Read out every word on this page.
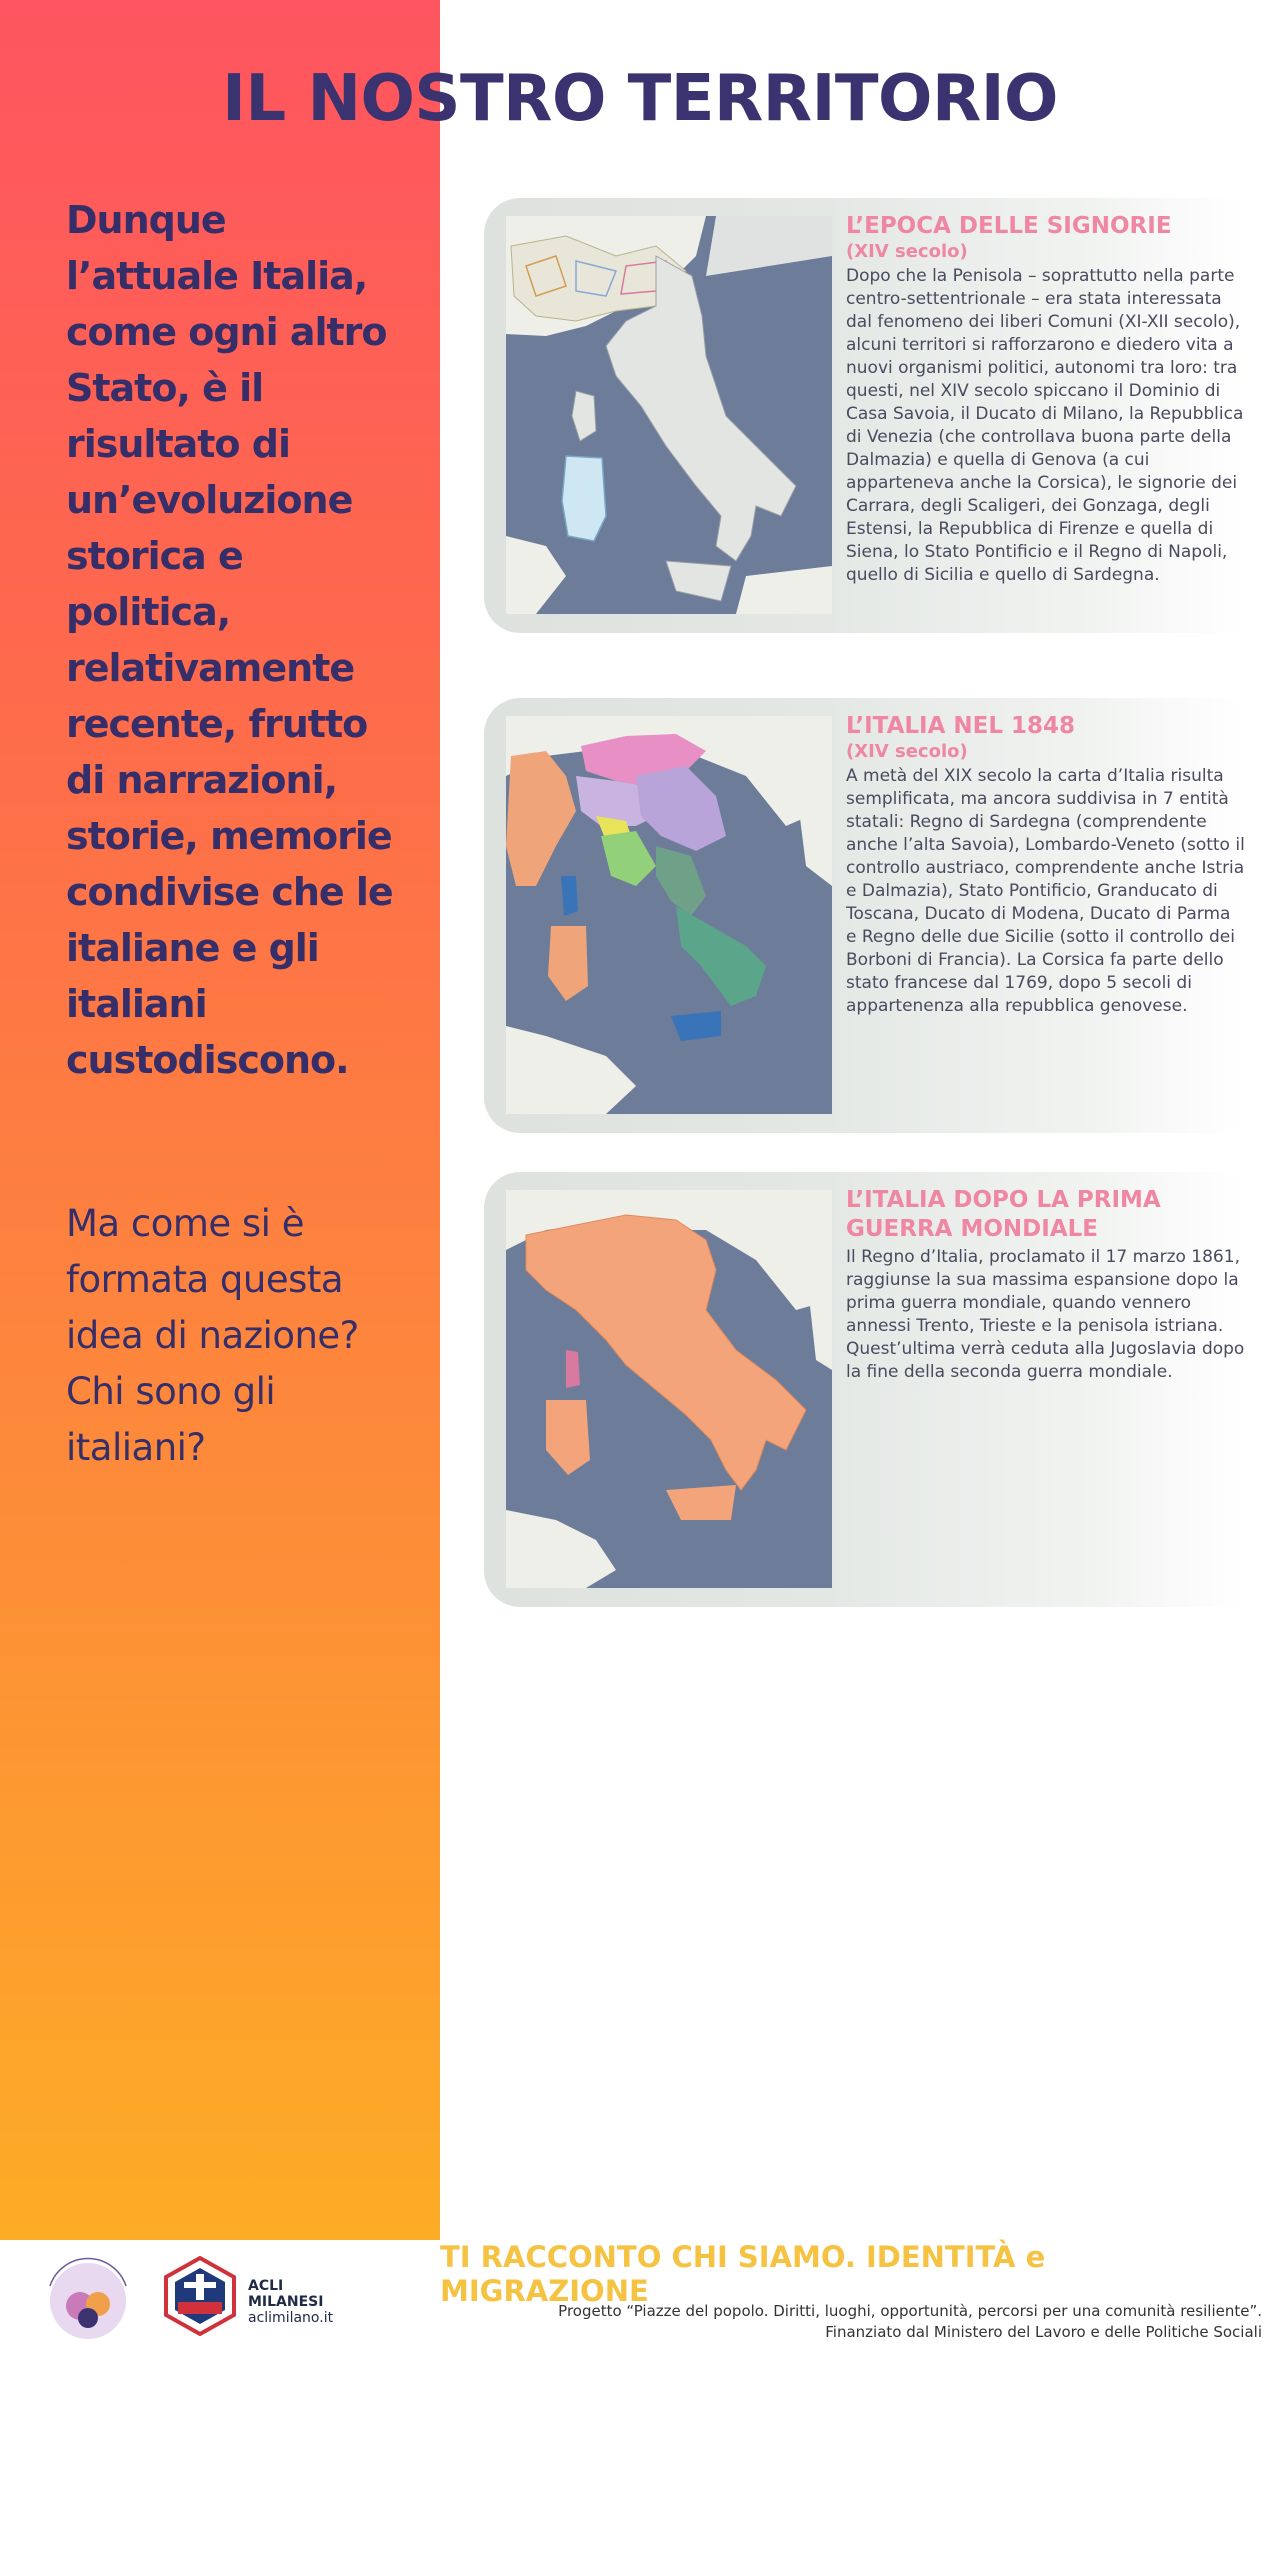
IL NOSTRO TERRITORIO

Dunque l’attuale Italia, come ogni altro Stato, è il risultato di un’evoluzione storica e politica, relativamente recente, frutto di narrazioni, storie, memorie condivise che le italiane e gli italiani custodiscono.

Ma come si è formata questa idea di nazione? Chi sono gli italiani?

L’EPOCA DELLE SIGNORIE

(XIV secolo)

Dopo che la Penisola – soprattutto nella parte centro-settentrionale – era stata interessata dal fenomeno dei liberi Comuni (XI-XII secolo), alcuni territori si rafforzarono e diedero vita a nuovi organismi politici, autonomi tra loro: tra questi, nel XIV secolo spiccano il Dominio di Casa Savoia, il Ducato di Milano, la Repubblica di Venezia (che controllava buona parte della Dalmazia) e quella di Genova (a cui apparteneva anche la Corsica), le signorie dei Carrara, degli Scaligeri, dei Gonzaga, degli Estensi, la Repubblica di Firenze e quella di Siena, lo Stato Pontificio e il Regno di Napoli, quello di Sicilia e quello di Sardegna.

L’ITALIA NEL 1848

(XIV secolo)

A metà del XIX secolo la carta d’Italia risulta semplificata, ma ancora suddivisa in 7 entità statali: Regno di Sardegna (comprendente anche l’alta Savoia), Lombardo-Veneto (sotto il controllo austriaco, comprendente anche Istria e Dalmazia), Stato Pontificio, Granducato di Toscana, Ducato di Modena, Ducato di Parma e Regno delle due Sicilie (sotto il controllo dei Borboni di Francia). La Corsica fa parte dello stato francese dal 1769, dopo 5 secoli di appartenenza alla repubblica genovese.

L’ITALIA DOPO LA PRIMA GUERRA MONDIALE

Il Regno d’Italia, proclamato il 17 marzo 1861, raggiunse la sua massima espansione dopo la prima guerra mondiale, quando vennero annessi Trento, Trieste e la penisola istriana. Quest’ultima verrà ceduta alla Jugoslavia dopo la fine della seconda guerra mondiale.

ACLI
MILANESI
aclimilano.it
TI RACCONTO CHI SIAMO. IDENTITÀ e MIGRAZIONE

Progetto “Piazze del popolo. Diritti, luoghi, opportunità, percorsi per una comunità resiliente”.
Finanziato dal Ministero del Lavoro e delle Politiche Sociali
